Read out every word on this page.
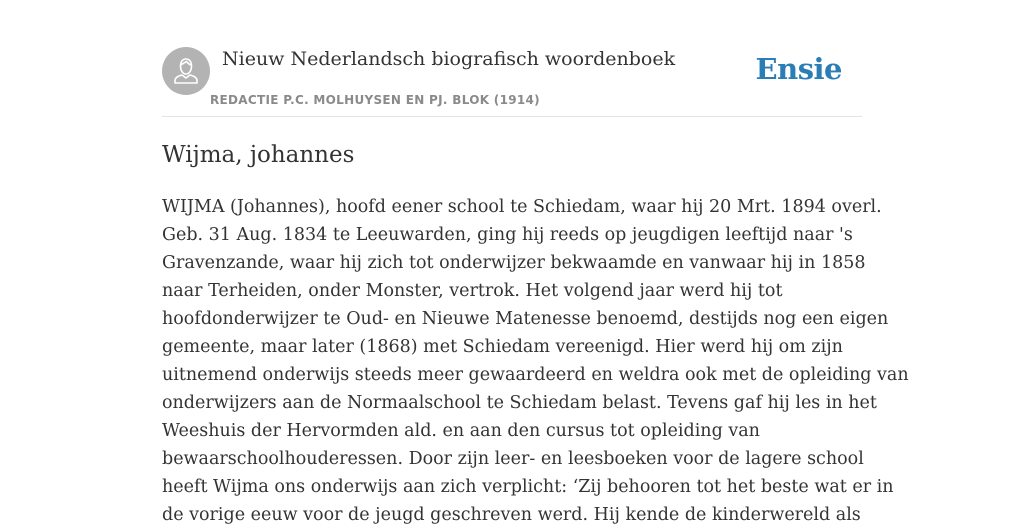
Nieuw Nederlandsch biografisch woordenboek
REDACTIE P.C. MOLHUYSEN EN PJ. BLOK (1914)
Ensie
Wijma, johannes
WIJMA (Johannes), hoofd eener school te Schiedam, waar hij 20 Mrt. 1894 overl.
Geb. 31 Aug. 1834 te Leeuwarden, ging hij reeds op jeugdigen leeftijd naar 's
Gravenzande, waar hij zich tot onderwijzer bekwaamde en vanwaar hij in 1858
naar Terheiden, onder Monster, vertrok. Het volgend jaar werd hij tot
hoofdonderwijzer te Oud- en Nieuwe Matenesse benoemd, destijds nog een eigen
gemeente, maar later (1868) met Schiedam vereenigd. Hier werd hij om zijn
uitnemend onderwijs steeds meer gewaardeerd en weldra ook met de opleiding van
onderwijzers aan de Normaalschool te Schiedam belast. Tevens gaf hij les in het
Weeshuis der Hervormden ald. en aan den cursus tot opleiding van
bewaarschoolhouderessen. Door zijn leer- en leesboeken voor de lagere school
heeft Wijma ons onderwijs aan zich verplicht: ‘Zij behooren tot het beste wat er in
de vorige eeuw voor de jeugd geschreven werd. Hij kende de kinderwereld als
